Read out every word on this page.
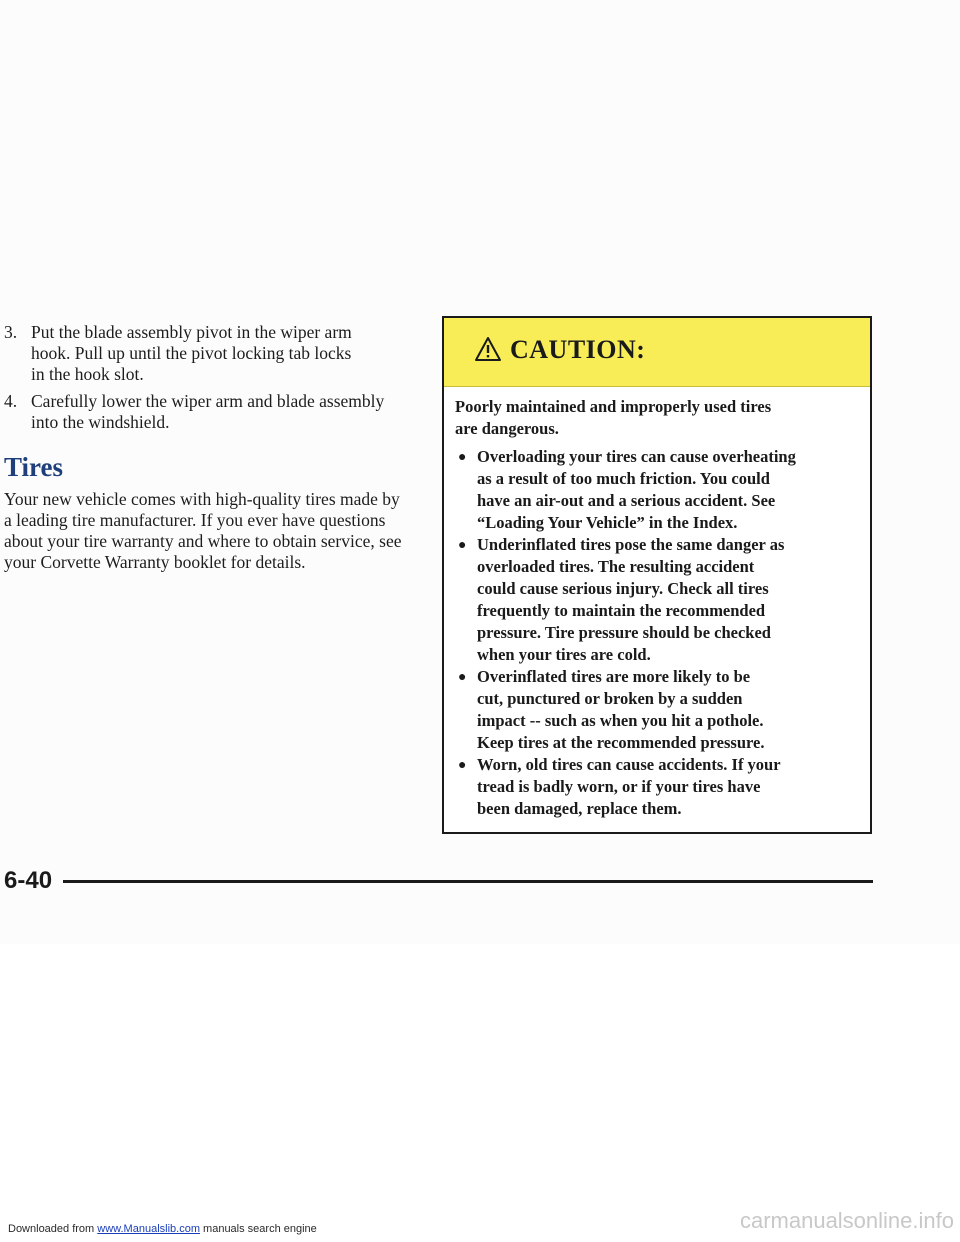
3. Put the blade assembly pivot in the wiper arm
hook. Pull up until the pivot locking tab locks
in the hook slot.
4. Carefully lower the wiper arm and blade assembly
into the windshield.
Tires
Your new vehicle comes with high-quality tires made by
a leading tire manufacturer. If you ever have questions
about your tire warranty and where to obtain service, see
your Corvette Warranty booklet for details.
CAUTION:
Poorly maintained and improperly used tires
are dangerous.
● Overloading your tires can cause overheating
as a result of too much friction. You could
have an air-out and a serious accident. See
“Loading Your Vehicle” in the Index.
● Underinflated tires pose the same danger as
overloaded tires. The resulting accident
could cause serious injury. Check all tires
frequently to maintain the recommended
pressure. Tire pressure should be checked
when your tires are cold.
● Overinflated tires are more likely to be
cut, punctured or broken by a sudden
impact -- such as when you hit a pothole.
Keep tires at the recommended pressure.
● Worn, old tires can cause accidents. If your
tread is badly worn, or if your tires have
been damaged, replace them.
6-40
Downloaded from www.Manualslib.com manuals search engine	carmanualsonline.info
